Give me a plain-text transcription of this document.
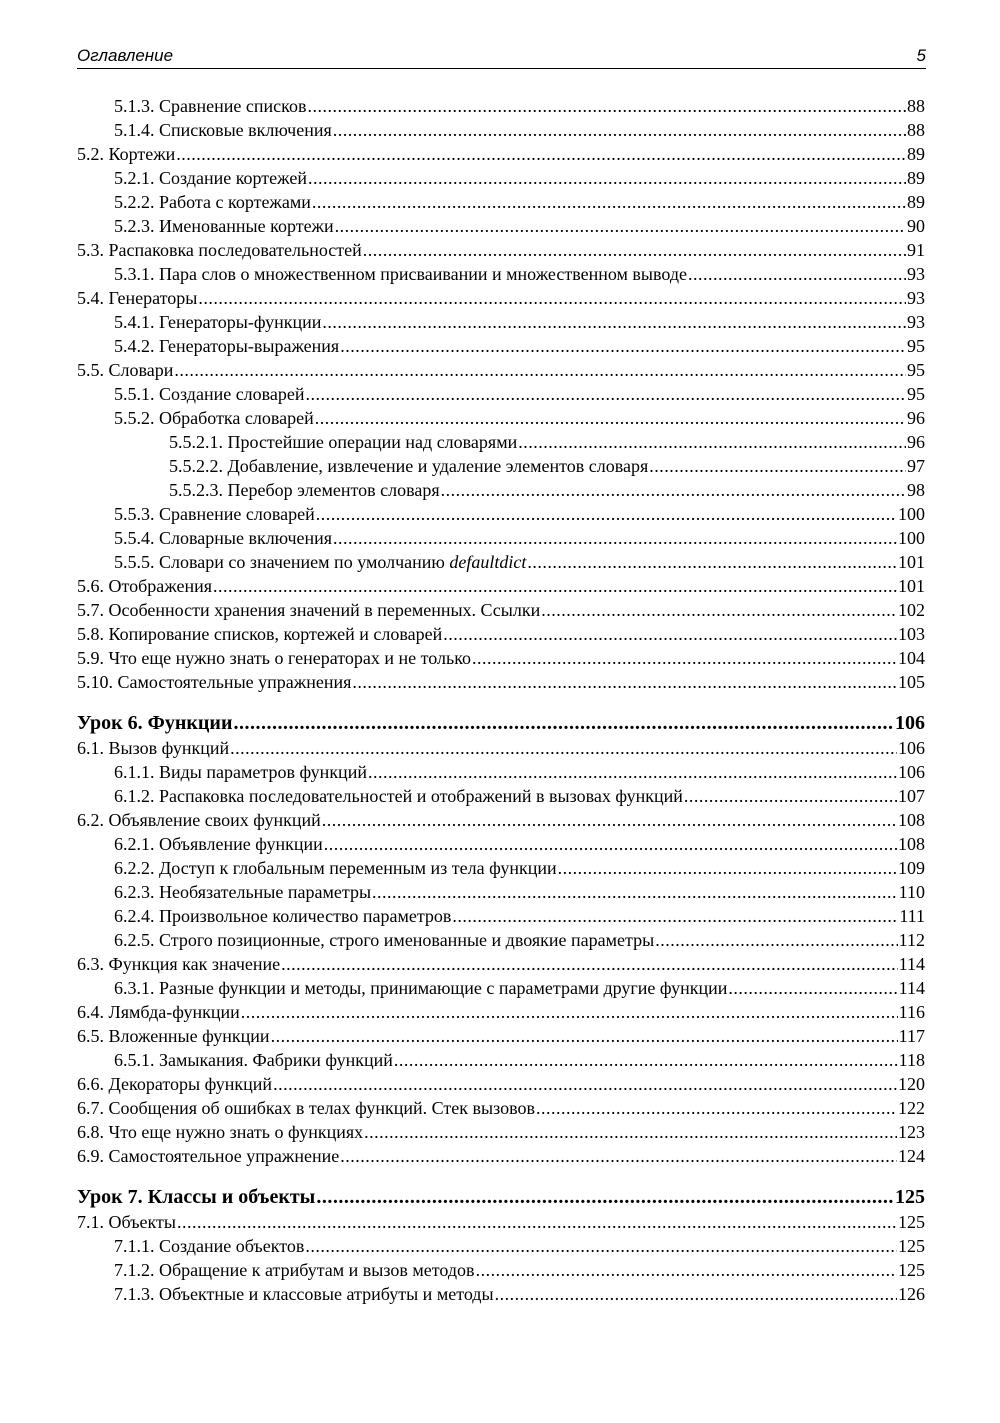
Оглавление	5
5.1.3. Сравнение списков .....	88
5.1.4. Списковые включения .....	88
5.2. Кортежи .....	89
5.2.1. Создание кортежей .....	89
5.2.2. Работа с кортежами .....	89
5.2.3. Именованные кортежи .....	90
5.3. Распаковка последовательностей .....	91
5.3.1. Пара слов о множественном присваивании и множественном выводе .....	93
5.4. Генераторы .....	93
5.4.1. Генераторы-функции .....	93
5.4.2. Генераторы-выражения .....	95
5.5. Словари .....	95
5.5.1. Создание словарей .....	95
5.5.2. Обработка словарей .....	96
5.5.2.1. Простейшие операции над словарями .....	96
5.5.2.2. Добавление, извлечение и удаление элементов словаря .....	97
5.5.2.3. Перебор элементов словаря .....	98
5.5.3. Сравнение словарей .....	100
5.5.4. Словарные включения .....	100
5.5.5. Словари со значением по умолчанию defaultdict .....	101
5.6. Отображения .....	101
5.7. Особенности хранения значений в переменных. Ссылки .....	102
5.8. Копирование списков, кортежей и словарей .....	103
5.9. Что еще нужно знать о генераторах и не только .....	104
5.10. Самостоятельные упражнения .....	105
Урок 6. Функции .....	106
6.1. Вызов функций .....	106
6.1.1. Виды параметров функций .....	106
6.1.2. Распаковка последовательностей и отображений в вызовах функций .....	107
6.2. Объявление своих функций .....	108
6.2.1. Объявление функции .....	108
6.2.2. Доступ к глобальным переменным из тела функции .....	109
6.2.3. Необязательные параметры .....	110
6.2.4. Произвольное количество параметров .....	111
6.2.5. Строго позиционные, строго именованные и двоякие параметры .....	112
6.3. Функция как значение .....	114
6.3.1. Разные функции и методы, принимающие с параметрами другие функции .....	114
6.4. Лямбда-функции .....	116
6.5. Вложенные функции .....	117
6.5.1. Замыкания. Фабрики функций .....	118
6.6. Декораторы функций .....	120
6.7. Сообщения об ошибках в телах функций. Стек вызовов .....	122
6.8. Что еще нужно знать о функциях .....	123
6.9. Самостоятельное упражнение .....	124
Урок 7. Классы и объекты .....	125
7.1. Объекты .....	125
7.1.1. Создание объектов .....	125
7.1.2. Обращение к атрибутам и вызов методов .....	125
7.1.3. Объектные и классовые атрибуты и методы .....	126
